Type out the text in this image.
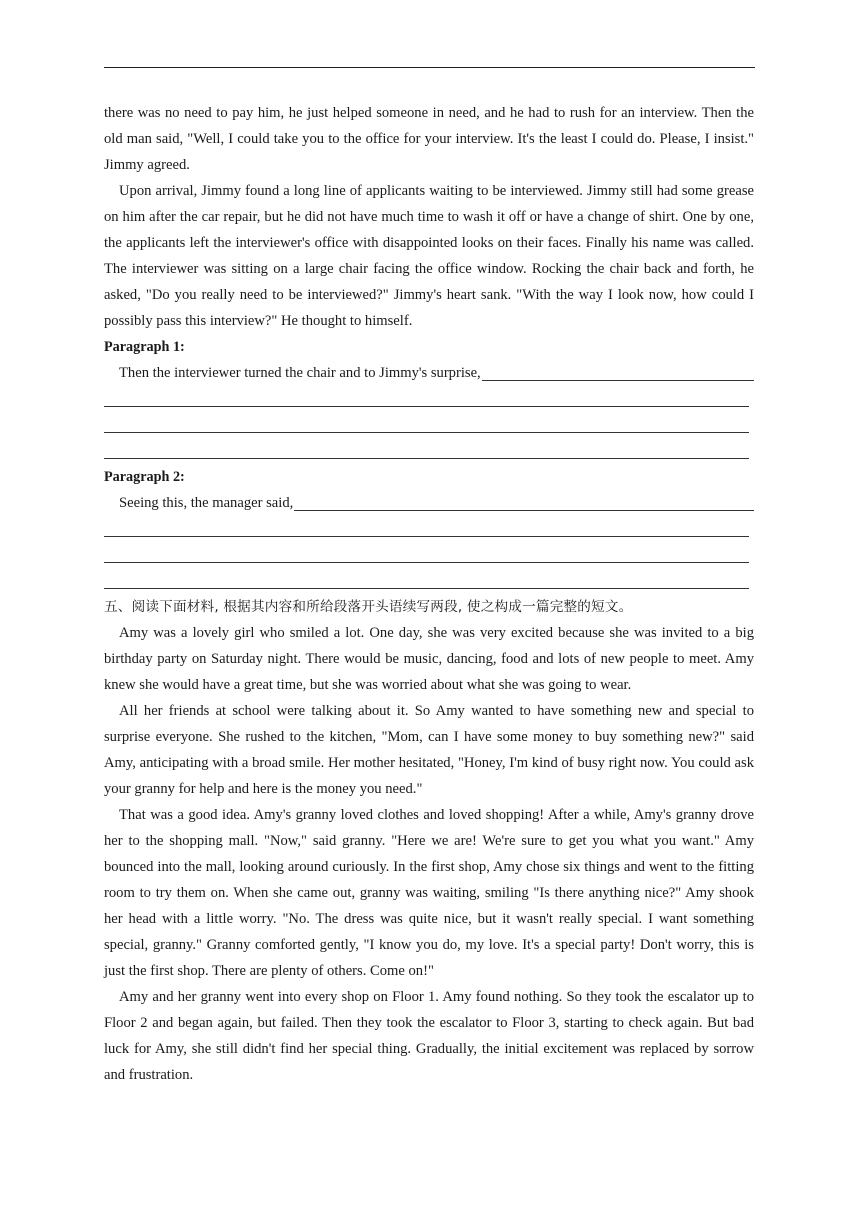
there was no need to pay him, he just helped someone in need, and he had to rush for an interview. Then the old man said, "Well, I could take you to the office for your interview. It's the least I could do. Please, I insist." Jimmy agreed.

Upon arrival, Jimmy found a long line of applicants waiting to be interviewed. Jimmy still had some grease on him after the car repair, but he did not have much time to wash it off or have a change of shirt. One by one, the applicants left the interviewer's office with disappointed looks on their faces. Finally his name was called. The interviewer was sitting on a large chair facing the office window. Rocking the chair back and forth, he asked, "Do you really need to be interviewed?" Jimmy's heart sank. "With the way I look now, how could I possibly pass this interview?" He thought to himself.

Paragraph 1:

Then the interviewer turned the chair and to Jimmy's surprise,

Paragraph 2:

Seeing this, the manager said,

五、阅读下面材料, 根据其内容和所给段落开头语续写两段, 使之构成一篇完整的短文。

Amy was a lovely girl who smiled a lot. One day, she was very excited because she was invited to a big birthday party on Saturday night. There would be music, dancing, food and lots of new people to meet. Amy knew she would have a great time, but she was worried about what she was going to wear.

All her friends at school were talking about it. So Amy wanted to have something new and special to surprise everyone. She rushed to the kitchen, "Mom, can I have some money to buy something new?" said Amy, anticipating with a broad smile. Her mother hesitated, "Honey, I'm kind of busy right now. You could ask your granny for help and here is the money you need."

That was a good idea. Amy's granny loved clothes and loved shopping! After a while, Amy's granny drove her to the shopping mall. "Now," said granny. "Here we are! We're sure to get you what you want." Amy bounced into the mall, looking around curiously. In the first shop, Amy chose six things and went to the fitting room to try them on. When she came out, granny was waiting, smiling "Is there anything nice?" Amy shook her head with a little worry. "No. The dress was quite nice, but it wasn't really special. I want something special, granny." Granny comforted gently, "I know you do, my love. It's a special party! Don't worry, this is just the first shop. There are plenty of others. Come on!"

Amy and her granny went into every shop on Floor 1. Amy found nothing. So they took the escalator up to Floor 2 and began again, but failed. Then they took the escalator to Floor 3, starting to check again. But bad luck for Amy, she still didn't find her special thing. Gradually, the initial excitement was replaced by sorrow and frustration.
